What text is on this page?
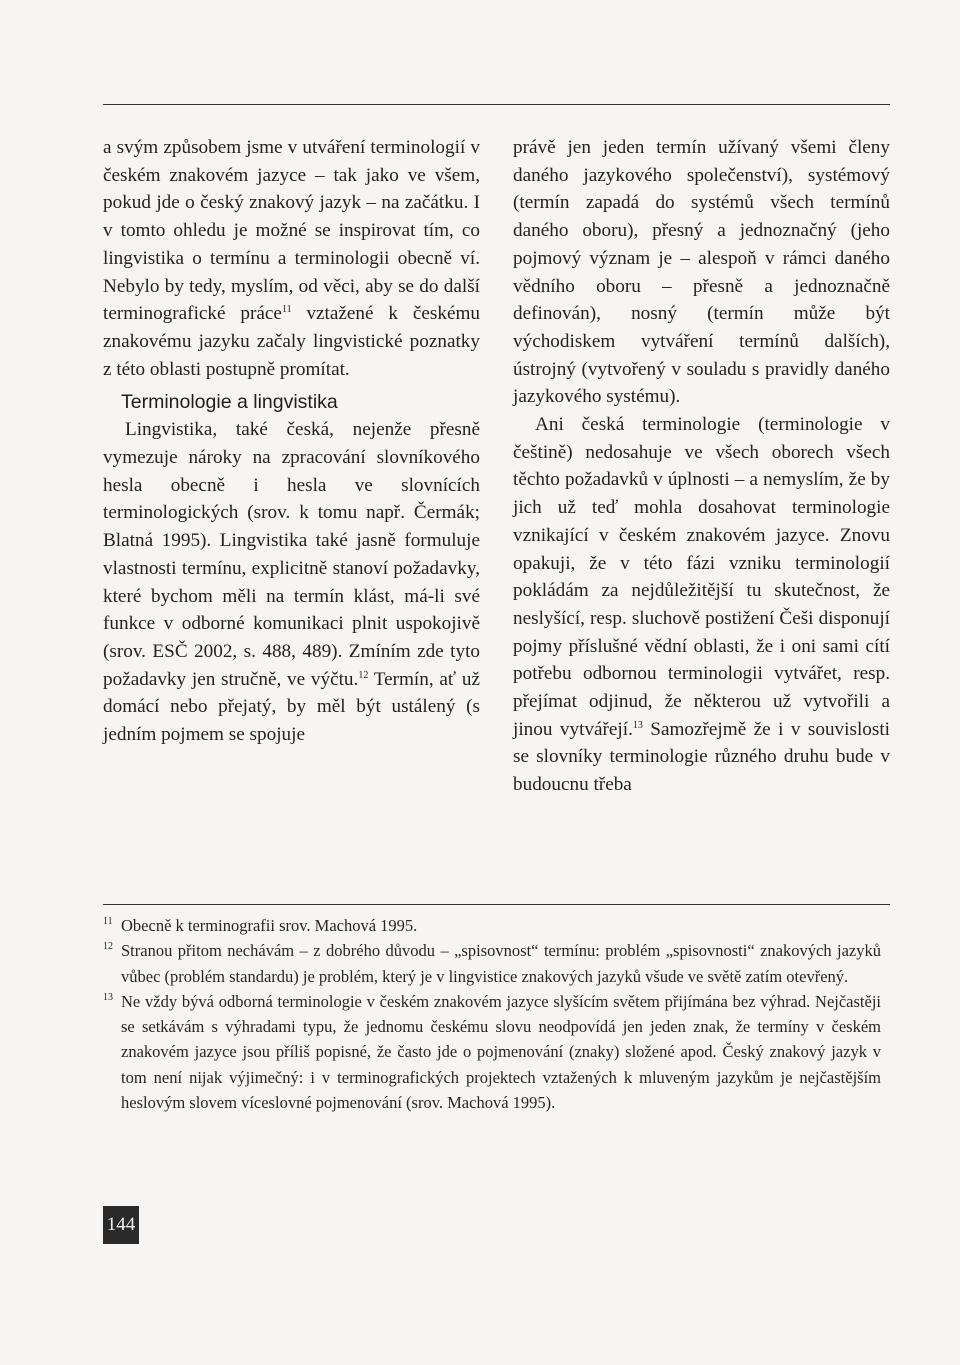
a svým způsobem jsme v utváření terminologií v českém znakovém jazyce – tak jako ve všem, pokud jde o český znakový jazyk – na začátku. I v tomto ohledu je možné se inspirovat tím, co lingvistika o termínu a terminologii obecně ví. Nebylo by tedy, myslím, od věci, aby se do další terminografické práce$^{11}$ vztažené k českému znakovému jazyku začaly lingvistické poznatky z této oblasti postupně promítat.

Terminologie a lingvistika

Lingvistika, také česká, nejenže přesně vymezuje nároky na zpracování slovníkového hesla obecně i hesla ve slovnících terminologických (srov. k tomu např. Čermák; Blatná 1995). Lingvistika také jasně formuluje vlastnosti termínu, explicitně stanoví požadavky, které bychom měli na termín klást, má-li své funkce v odborné komunikaci plnit uspokojivě (srov. ESČ 2002, s. 488, 489). Zmíním zde tyto požadavky jen stručně, ve výčtu.$^{12}$ Termín, ať už domácí nebo přejatý, by měl být ustálený (s jedním pojmem se spojuje

právě jen jeden termín užívaný všemi členy daného jazykového společenství), systémový (termín zapadá do systémů všech termínů daného oboru), přesný a jednoznačný (jeho pojmový význam je – alespoň v rámci daného vědního oboru – přesně a jednoznačně definován), nosný (termín může být východiskem vytváření termínů dalších), ústrojný (vytvořený v souladu s pravidly daného jazykového systému).

Ani česká terminologie (terminologie v češtině) nedosahuje ve všech oborech všech těchto požadavků v úplnosti – a nemyslím, že by jich už teď mohla dosahovat terminologie vznikající v českém znakovém jazyce. Znovu opakuji, že v této fázi vzniku terminologií pokládám za nejdůležitější tu skutečnost, že neslyšící, resp. sluchově postižení Češi disponují pojmy příslušné vědní oblasti, že i oni sami cítí potřebu odbornou terminologii vytvářet, resp. přejímat odjinud, že některou už vytvořili a jinou vytvářejí.$^{13}$ Samozřejmě že i v souvislosti se slovníky terminologie různého druhu bude v budoucnu třeba

11 Obecně k terminografii srov. Machová 1995.
12 Stranou přitom nechávám – z dobrého důvodu – „spisovnost“ termínu: problém „spisovnosti“ znakových jazyků vůbec (problém standardu) je problém, který je v lingvistice znakových jazyků všude ve světě zatím otevřený.
13 Ne vždy bývá odborná terminologie v českém znakovém jazyce slyšícím světem přijímána bez výhrad. Nejčastěji se setkávám s výhradami typu, že jednomu českému slovu neodpovídá jen jeden znak, že termíny v českém znakovém jazyce jsou příliš popisné, že často jde o pojmenování (znaky) složené apod. Český znakový jazyk v tom není nijak výjimečný: i v terminografických projektech vztažených k mluveným jazykům je nejčastějším heslovým slovem víceslovné pojmenování (srov. Machová 1995).
144
